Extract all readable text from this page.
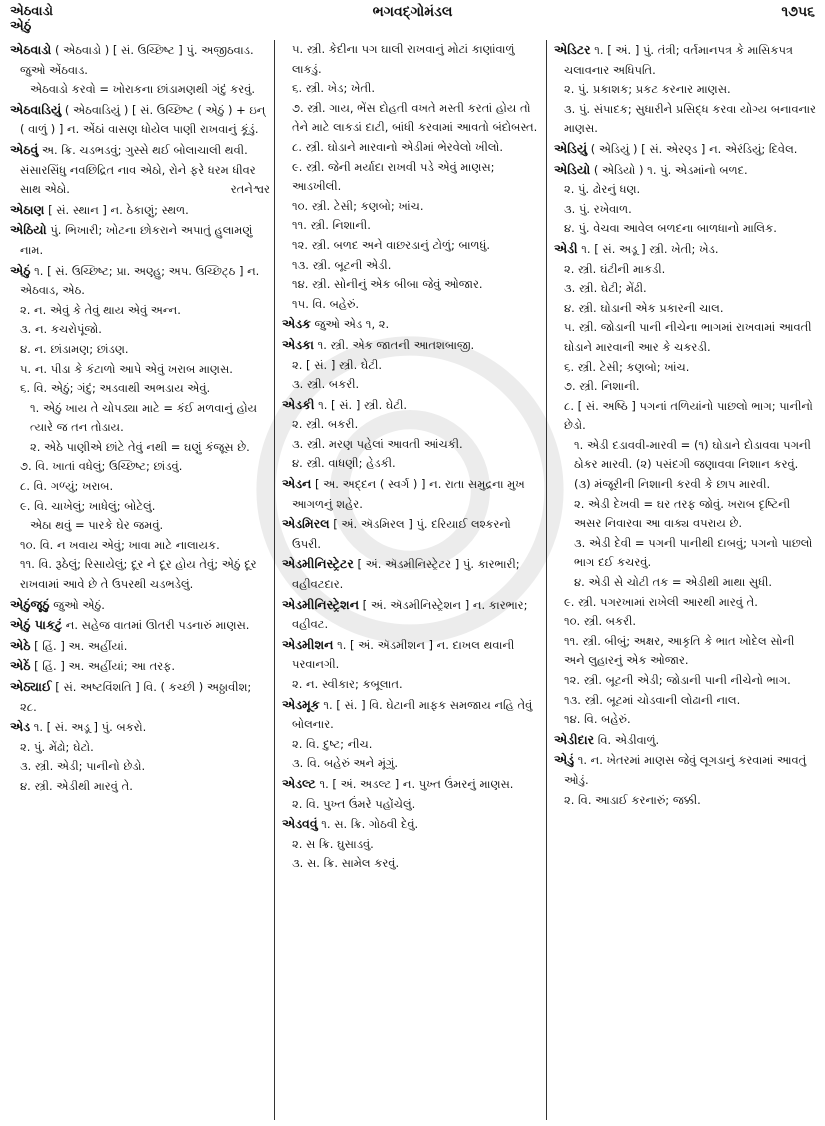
એઠવાડો
એઠું
ભગવદ્ગોમંડલ	૧૭૫૬
એઠવાડો ( એઠવાડો ) [ સં. ઉચ્છિષ્ટ ] પું. અજીઠવાડ. જુઓ એંઠવાડ.
એઠવાડો કરવો = ખોરાકના છાંડામણથી ગંદું કરવું.
એઠવાડિયું ( એઠવાડિયું ) [ સં. ઉચ્છિષ્ટ ( એઠું ) + ઇન્ ( વાળું ) ] ન. એંઠાં વાસણ ધોયેલ પાણી રાખવાનું કૂંડું.
એઠવું અ. ક્રિ. ચડભડવું; ગુસ્સે થઈ બોલાચાલી થવી.
સંસારસિંધુ નવછિદ્રિત નાવ એઠો, રોને ફરે ધરમ ધીવર સાથ એઠો.	રતનેશ્વર
એઠાણ [ સં. સ્થાન ] ન. ઠેકાણું; સ્થળ.
એઠિયો પું. ભિખારી; ખોટના છોકરાને અપાતું હુલામણું નામ.
એઠું ૧. [ સં. ઉચ્છિષ્ટ; પ્રા. અણ્હુ; અપ. ઉચ્છિટ્ઠ ] ન. એઠવાડ, એઠ.
૨. ન. એવું કે તેવું થાય એવું અન્ન.
૩. ન. કચરોપૂંજો.
૪. ન. છાંડામણ; છાંડણ.
૫. ન. પીડા કે કંટાળો આપે એવું ખરાબ માણસ.
૬. વિ. એઠું; ગંદું; અડવાથી અભડાય એવું.
૧. એઠું ખાય તે ચોપડ્યા માટે = કંઈ મળવાનું હોય ત્યારે જ તન તોડાય.
૨. એઠે પાણીએ છાંટે તેવું નથી = ઘણું કંજૂસ છે.
૭. વિ. ખાતાં વધેલું; ઉચ્છિષ્ટ; છાંડવું.
૮. વિ. ગળ્યું; ખરાબ.
૯. વિ. ચાખેલું; ખાધેલું; બોટેલું.
એઠા થવું = પારકે ઘેર જમવું.
૧૦. વિ. ન ખવાય એવું; ખાવા માટે નાલાયક.
૧૧. વિ. રૂઠેલું; રિસાયેલું; દૂર ને દૂર હોય તેવું; એઠું દૂર રાખવામાં આવે છે તે ઉપરથી ચડભડેલું.
એઠુંજૂઠું જુઓ એઠું.
એઠું પાકટું ન. સહેજ વાતમાં ઊતરી પડનારું માણસ.
એઠે [ હિં. ] અ. અહીંયાં.
એઠેં [ હિં. ] અ. અહીંયાં; આ તરફ.
એઠ્યાઈ [ સં. અષ્ટવિંશતિ ] વિ. ( કચ્છી ) અઠ્ઠાવીશ; ૨૮.
એડ ૧. [ સં. અડૂ ] પું. બકરો.
૨. પું. મેંઢો; ઘેટો.
૩. સ્ત્રી. એડી; પાનીનો છેડો.
૪. સ્ત્રી. એડીથી મારવું તે.
૫. સ્ત્રી. કેદીના પગ ઘાલી રાખવાનું મોટાં કાણાંવાળું લાકડું.
૬. સ્ત્રી. ખેડ; ખેતી.
૭. સ્ત્રી. ગાય, ભેંસ દોહતી વખતે મસ્તી કરતાં હોય તો તેને માટે લાકડાં દાટી, બાંધી કરવામાં આવતો બંદોબસ્ત.
૮. સ્ત્રી. ઘોડાને મારવાનો એડીમાં ભેરવેલો ખીલો.
૯. સ્ત્રી. જેની મર્યાદા રાખવી પડે એવું માણસ; આડખીલી.
૧૦. સ્ત્રી. ટેસી; કણબો; ખાંચ.
૧૧. સ્ત્રી. નિશાની.
૧૨. સ્ત્રી. બળદ અને વાછરડાનું ટોળું; બાળધું.
૧૩. સ્ત્રી. બૂટની એડી.
૧૪. સ્ત્રી. સોનીનું એક બીબા જેવું ઓજાર.
૧૫. વિ. બહેરું.
એડક જુઓ એડ ૧, ૨.
એડકા ૧. સ્ત્રી. એક જાતની આતશબાજી.
૨. [ સં. ] સ્ત્રી. ઘેટી.
૩. સ્ત્રી. બકરી.
એડકી ૧. [ સં. ] સ્ત્રી. ઘેટી.
૨. સ્ત્રી. બકરી.
૩. સ્ત્રી. મરણ પહેલાં આવતી આંચકી.
૪. સ્ત્રી. વાધણી; હેડકી.
એડન [ અ. અદ્દન ( સ્વર્ગ ) ] ન. રાતા સમુદ્રના મુખ આગળનું શહેર.
એડમિરલ [ અં. ઍડમિરલ ] પું. દરિયાઈ લશ્કરનો ઉપરી.
એડમીનિસ્ટ્રેટર [ અં. ઍડમીનિસ્ટ્રેટર ] પું. કારભારી; વહીવટદાર.
એડમીનિસ્ટ્રેશન [ અં. ઍડમીનિસ્ટ્રેશન ] ન. કારભાર; વહીવટ.
એડમીશન ૧. [ અં. ઍડમીશન ] ન. દાખલ થવાની પરવાનગી.
૨. ન. સ્વીકાર; કબૂલાત.
એડમૂક ૧. [ સં. ] વિ. ઘેટાની માફક સમજાય નહિ તેવું બોલનાર.
૨. વિ. દુષ્ટ; નીચ.
૩. વિ. બહેરું અને મૂંગું.
એડલ્ટ ૧. [ અં. અડલ્ટ ] ન. પુખ્ત ઉંમરનું માણસ.
૨. વિ. પુખ્ત ઉંમરે પહોંચેલું.
એડવવું ૧. સ. ક્રિ. ગોઠવી દેવું.
૨. સ ક્રિ. ઘુસાડવું.
૩. સ. ક્રિ. સામેલ કરવું.
એડિટર ૧. [ અં. ] પું. તંત્રી; વર્તમાનપત્ર કે માસિકપત્ર ચલાવનાર અધિપતિ.
૨. પું. પ્રકાશક; પ્રકટ કરનાર માણસ.
૩. પું. સંપાદક; સુધારીને પ્રસિદ્ધ કરવા યોગ્ય બનાવનાર માણસ.
એડિયું ( એડિયું ) [ સં. એરણ્ડ ] ન. એરંડિયું; દિવેલ.
એડિયો ( એડિયો ) ૧. પું. એડમાંનો બળદ.
૨. પું. ઢોરનું ધણ.
૩. પું. રખેવાળ.
૪. પું. વેચવા આવેલ બળદના બાળધાનો માલિક.
એડી ૧. [ સં. અડૂ ] સ્ત્રી. ખેતી; ખેડ.
૨. સ્ત્રી. ઘંટીની માકડી.
૩. સ્ત્રી. ઘેટી; મેંઢી.
૪. સ્ત્રી. ઘોડાની એક પ્રકારની ચાલ.
૫. સ્ત્રી. જોડાની પાની નીચેના ભાગમાં રાખવામાં આવતી ઘોડાને મારવાની આર કે ચકરડી.
૬. સ્ત્રી. ટેસી; કણબો; ખાંચ.
૭. સ્ત્રી. નિશાની.
૮. [ સં. અષ્ઠિ ] પગનાં તળિયાંનો પાછલો ભાગ; પાનીનો છેડો.
૧. એડી દડાવવી-મારવી = (૧) ઘોડાને દોડાવવા પગની ઠોકર મારવી. (૨) પસંદગી જણાવવા નિશાન કરવું. (૩) મંજૂરીની નિશાની કરવી કે છાપ મારવી.
૨. એડી દેખવી = ઘર તરફ જોવું. ખરાબ દૃષ્ટિની અસર નિવારવા આ વાક્ય વપરાય છે.
૩. એડી દેવી = પગની પાનીથી દાબવું; પગનો પાછલો ભાગ દઈ કચરવું.
૪. એડી સે ચોટી તક = એડીથી માથા સુધી.
૯. સ્ત્રી. પગરખામાં રાખેલી આરથી મારવું તે.
૧૦. સ્ત્રી. બકરી.
૧૧. સ્ત્રી. બીબું; અક્ષર, આકૃતિ કે ભાત ખોદેલ સોની અને લુહારનું એક ઓજાર.
૧૨. સ્ત્રી. બૂટની એડી; જોડાની પાની નીચેનો ભાગ.
૧૩. સ્ત્રી. બૂટમાં ચોડવાની લોઢાની નાલ.
૧૪. વિ. બહેરું.
એડીદાર વિ. એડીવાળું.
એડું ૧. ન. ખેતરમાં માણસ જેવું લૂગડાનું કરવામાં આવતું ઓડું.
૨. વિ. આડાઈ કરનારું; જક્કી.
